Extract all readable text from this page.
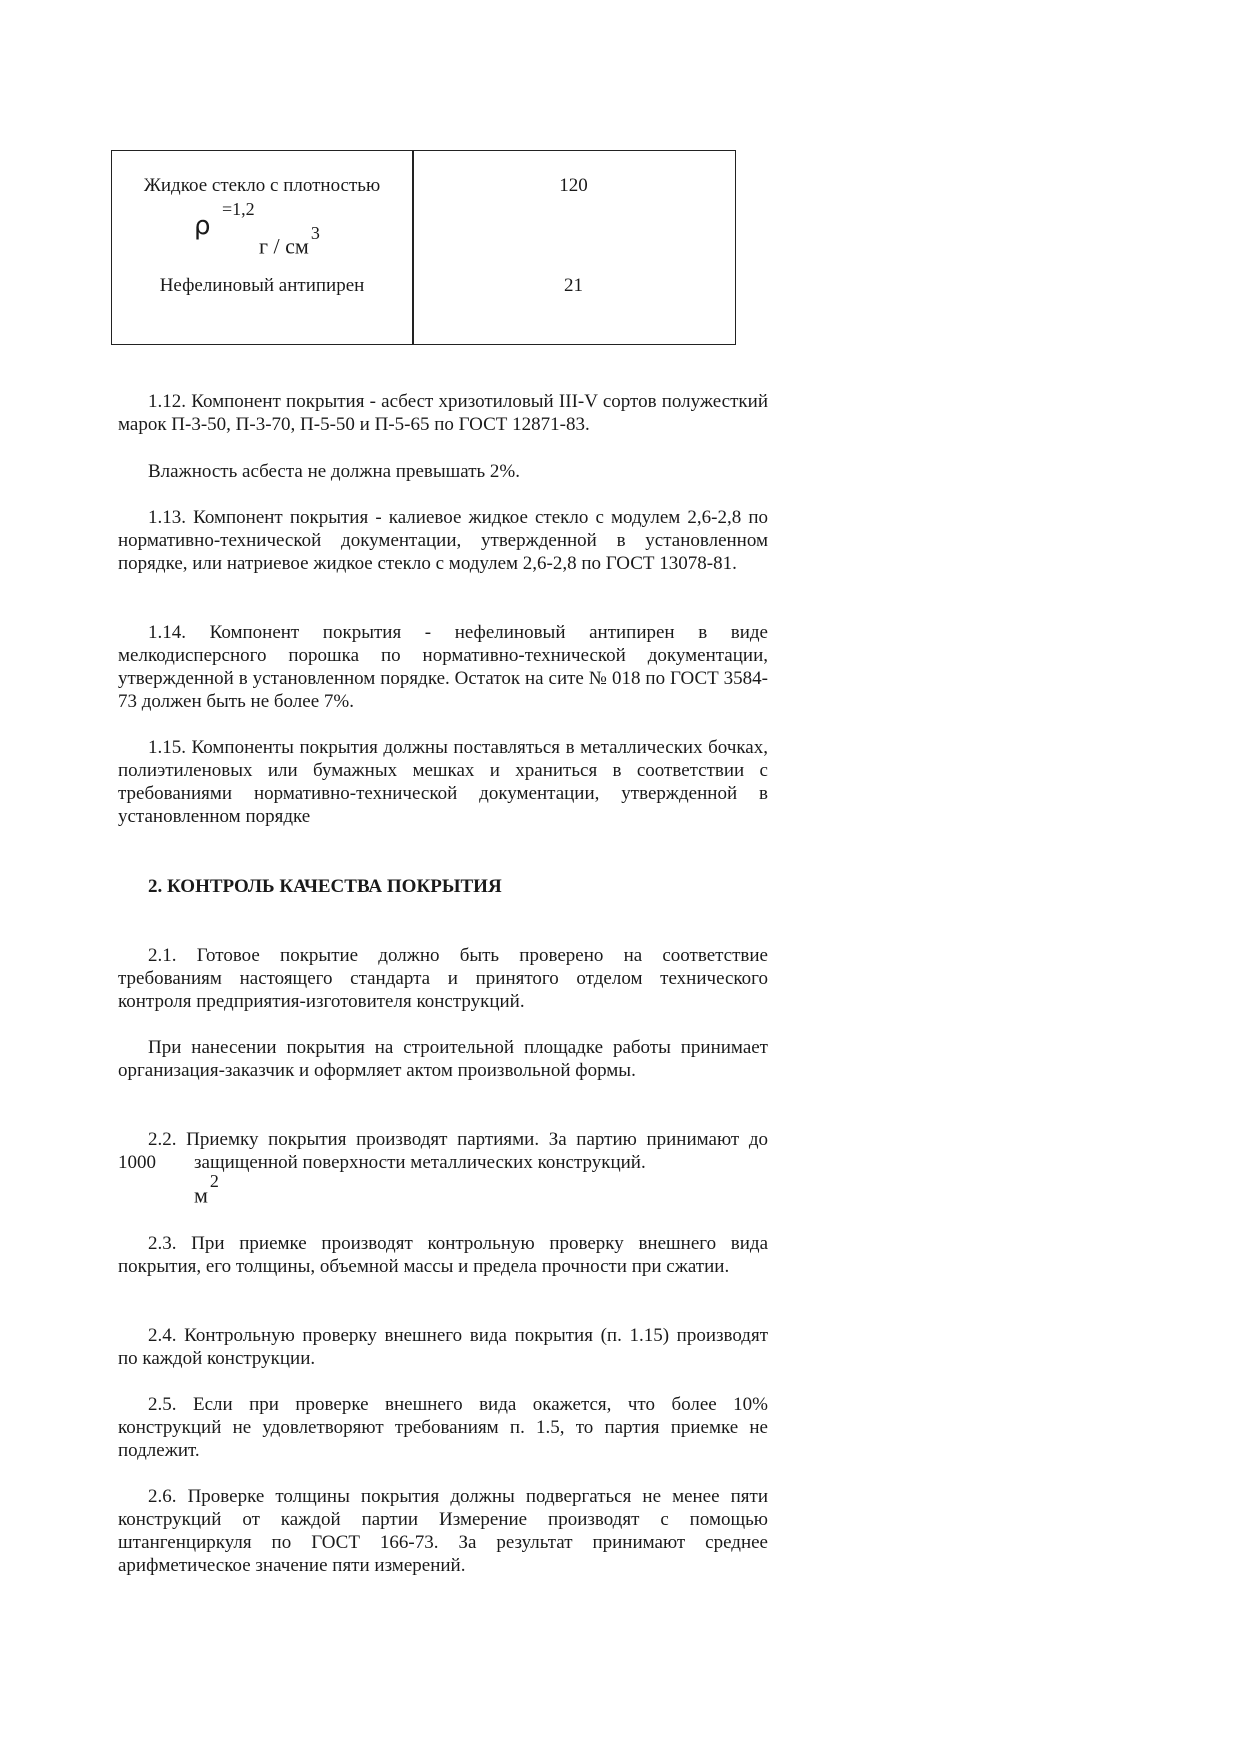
Жидкое стекло с плотностью	120
ρ
=1,2
г / $см^3$
Нефелиновый антипирен	21

1.12. Компонент покрытия - асбест хризотиловый III-V сортов полужесткий марок П-3-50, П-3-70, П-5-50 и П-5-65 по ГОСТ 12871-83.

Влажность асбеста не должна превышать 2%.

1.13. Компонент покрытия - калиевое жидкое стекло с модулем 2,6-2,8 по нормативно-технической документации, утвержденной в установленном порядке, или натриевое жидкое стекло с модулем 2,6-2,8 по ГОСТ 13078-81.

1.14. Компонент покрытия - нефелиновый антипирен в виде мелкодисперсного порошка по нормативно-технической документации, утвержденной в установленном порядке. Остаток на сите № 018 по ГОСТ 3584-73 должен быть не более 7%.

1.15. Компоненты покрытия должны поставляться в металлических бочках, полиэтиленовых или бумажных мешках и храниться в соответствии с требованиями нормативно-технической документации, утвержденной в установленном порядке

2. КОНТРОЛЬ КАЧЕСТВА ПОКРЫТИЯ

2.1. Готовое покрытие должно быть проверено на соответствие требованиям настоящего стандарта и принятого отделом технического контроля предприятия-изготовителя конструкций.

При нанесении покрытия на строительной площадке работы принимает организация-заказчик и оформляет актом произвольной формы.

2.2. Приемку покрытия производят партиями. За партию принимают до 1000        защищенной поверхности металлических конструкций.

$м^2$

2.3. При приемке производят контрольную проверку внешнего вида покрытия, его толщины, объемной массы и предела прочности при сжатии.

2.4. Контрольную проверку внешнего вида покрытия (п. 1.15) производят по каждой конструкции.

2.5. Если при проверке внешнего вида окажется, что более 10% конструкций не удовлетворяют требованиям п. 1.5, то партия приемке не подлежит.

2.6. Проверке толщины покрытия должны подвергаться не менее пяти конструкций от каждой партии Измерение производят с помощью штангенциркуля по ГОСТ 166-73. За результат принимают среднее арифметическое значение пяти измерений.
